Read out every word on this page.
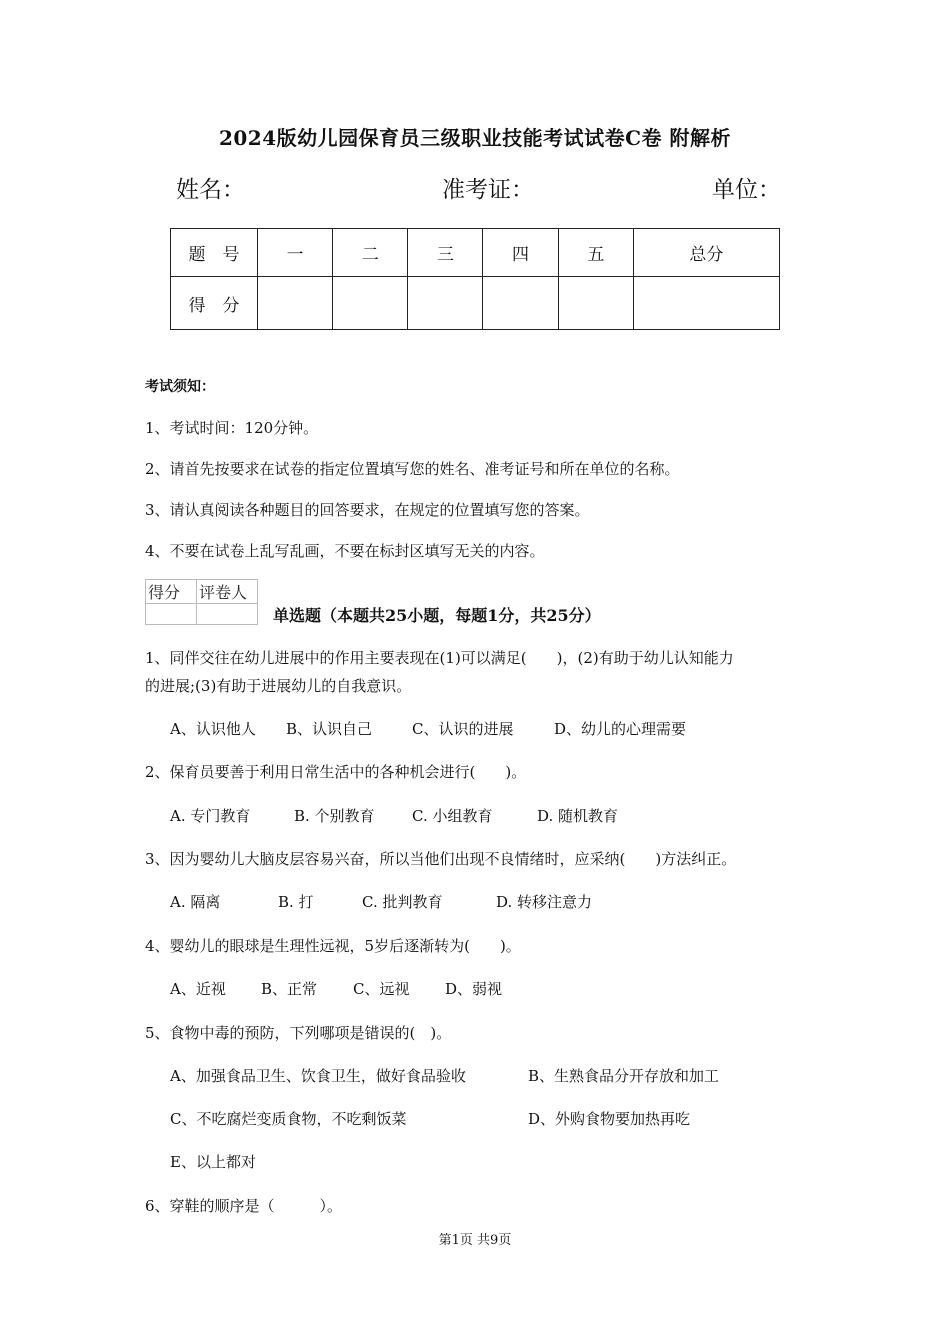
2024版幼儿园保育员三级职业技能考试试卷C卷 附解析
姓名：	准考证：	单位：
题　号	一	二	三	四	五	总分
得　分						
考试须知：
1、考试时间：120分钟。
2、请首先按要求在试卷的指定位置填写您的姓名、准考证号和所在单位的名称。
3、请认真阅读各种题目的回答要求，在规定的位置填写您的答案。
4、不要在试卷上乱写乱画，不要在标封区填写无关的内容。
得分	评卷人

单选题（本题共25小题，每题1分，共25分）
1、同伴交往在幼儿进展中的作用主要表现在(1)可以满足(　　)，(2)有助于幼儿认知能力
的进展;(3)有助于进展幼儿的自我意识。
A、认识他人 B、认识自己	C、认识的进展	D、幼儿的心理需要
2、保育员要善于利用日常生活中的各种机会进行(　　)。
A. 专门教育	B. 个别教育 C. 小组教育	D. 随机教育
3、因为婴幼儿大脑皮层容易兴奋，所以当他们出现不良情绪时，应采纳(　　)方法纠正。
A. 隔离	B. 打	C. 批判教育	D. 转移注意力
4、婴幼儿的眼球是生理性远视，5岁后逐渐转为(　　)。
A、近视 B、正常 C、远视 D、弱视
5、食物中毒的预防，下列哪项是错误的(　)。
A、加强食品卫生、饮食卫生，做好食品验收	B、生熟食品分开存放和加工
C、不吃腐烂变质食物，不吃剩饭菜	D、外购食物要加热再吃
E、以上都对
6、穿鞋的顺序是（　　　）。
第1页 共9页
